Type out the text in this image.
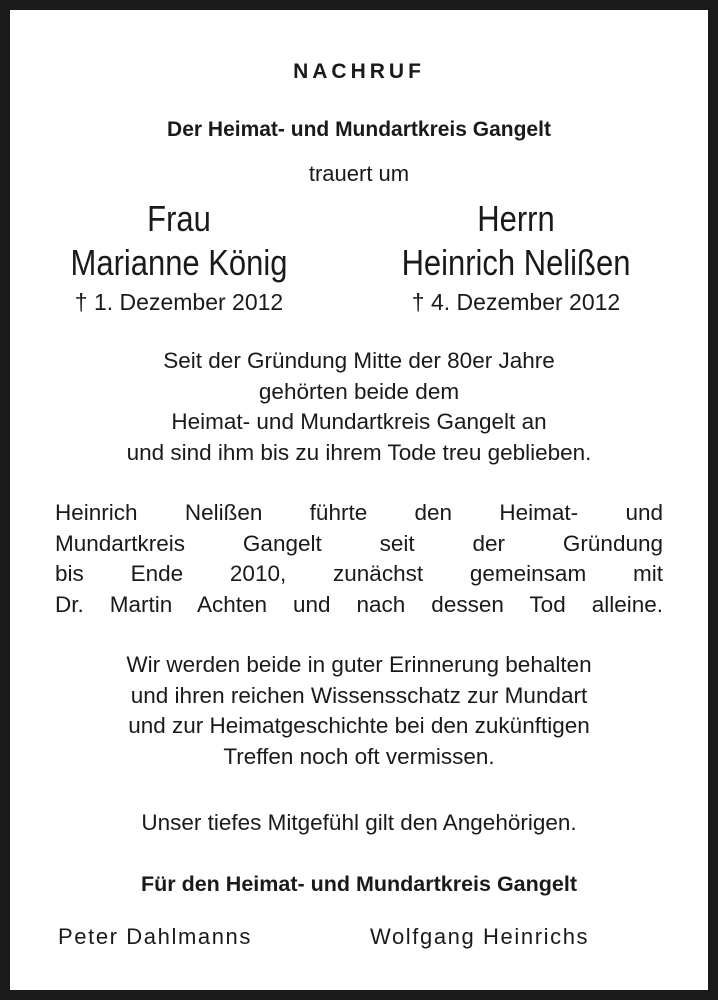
NACHRUF
Der Heimat- und Mundartkreis Gangelt
trauert um
Frau
Marianne König
† 1. Dezember 2012
Herrn
Heinrich Nelißen
† 4. Dezember 2012
Seit der Gründung Mitte der 80er Jahre
gehörten beide dem
Heimat- und Mundartkreis Gangelt an
und sind ihm bis zu ihrem Tode treu geblieben.
Heinrich Nelißen führte den Heimat- und
Mundartkreis Gangelt seit der Gründung
bis Ende 2010, zunächst gemeinsam mit
Dr. Martin Achten und nach dessen Tod alleine.
Wir werden beide in guter Erinnerung behalten
und ihren reichen Wissensschatz zur Mundart
und zur Heimatgeschichte bei den zukünftigen
Treffen noch oft vermissen.
Unser tiefes Mitgefühl gilt den Angehörigen.
Für den Heimat- und Mundartkreis Gangelt
Peter Dahlmanns	Wolfgang Heinrichs
